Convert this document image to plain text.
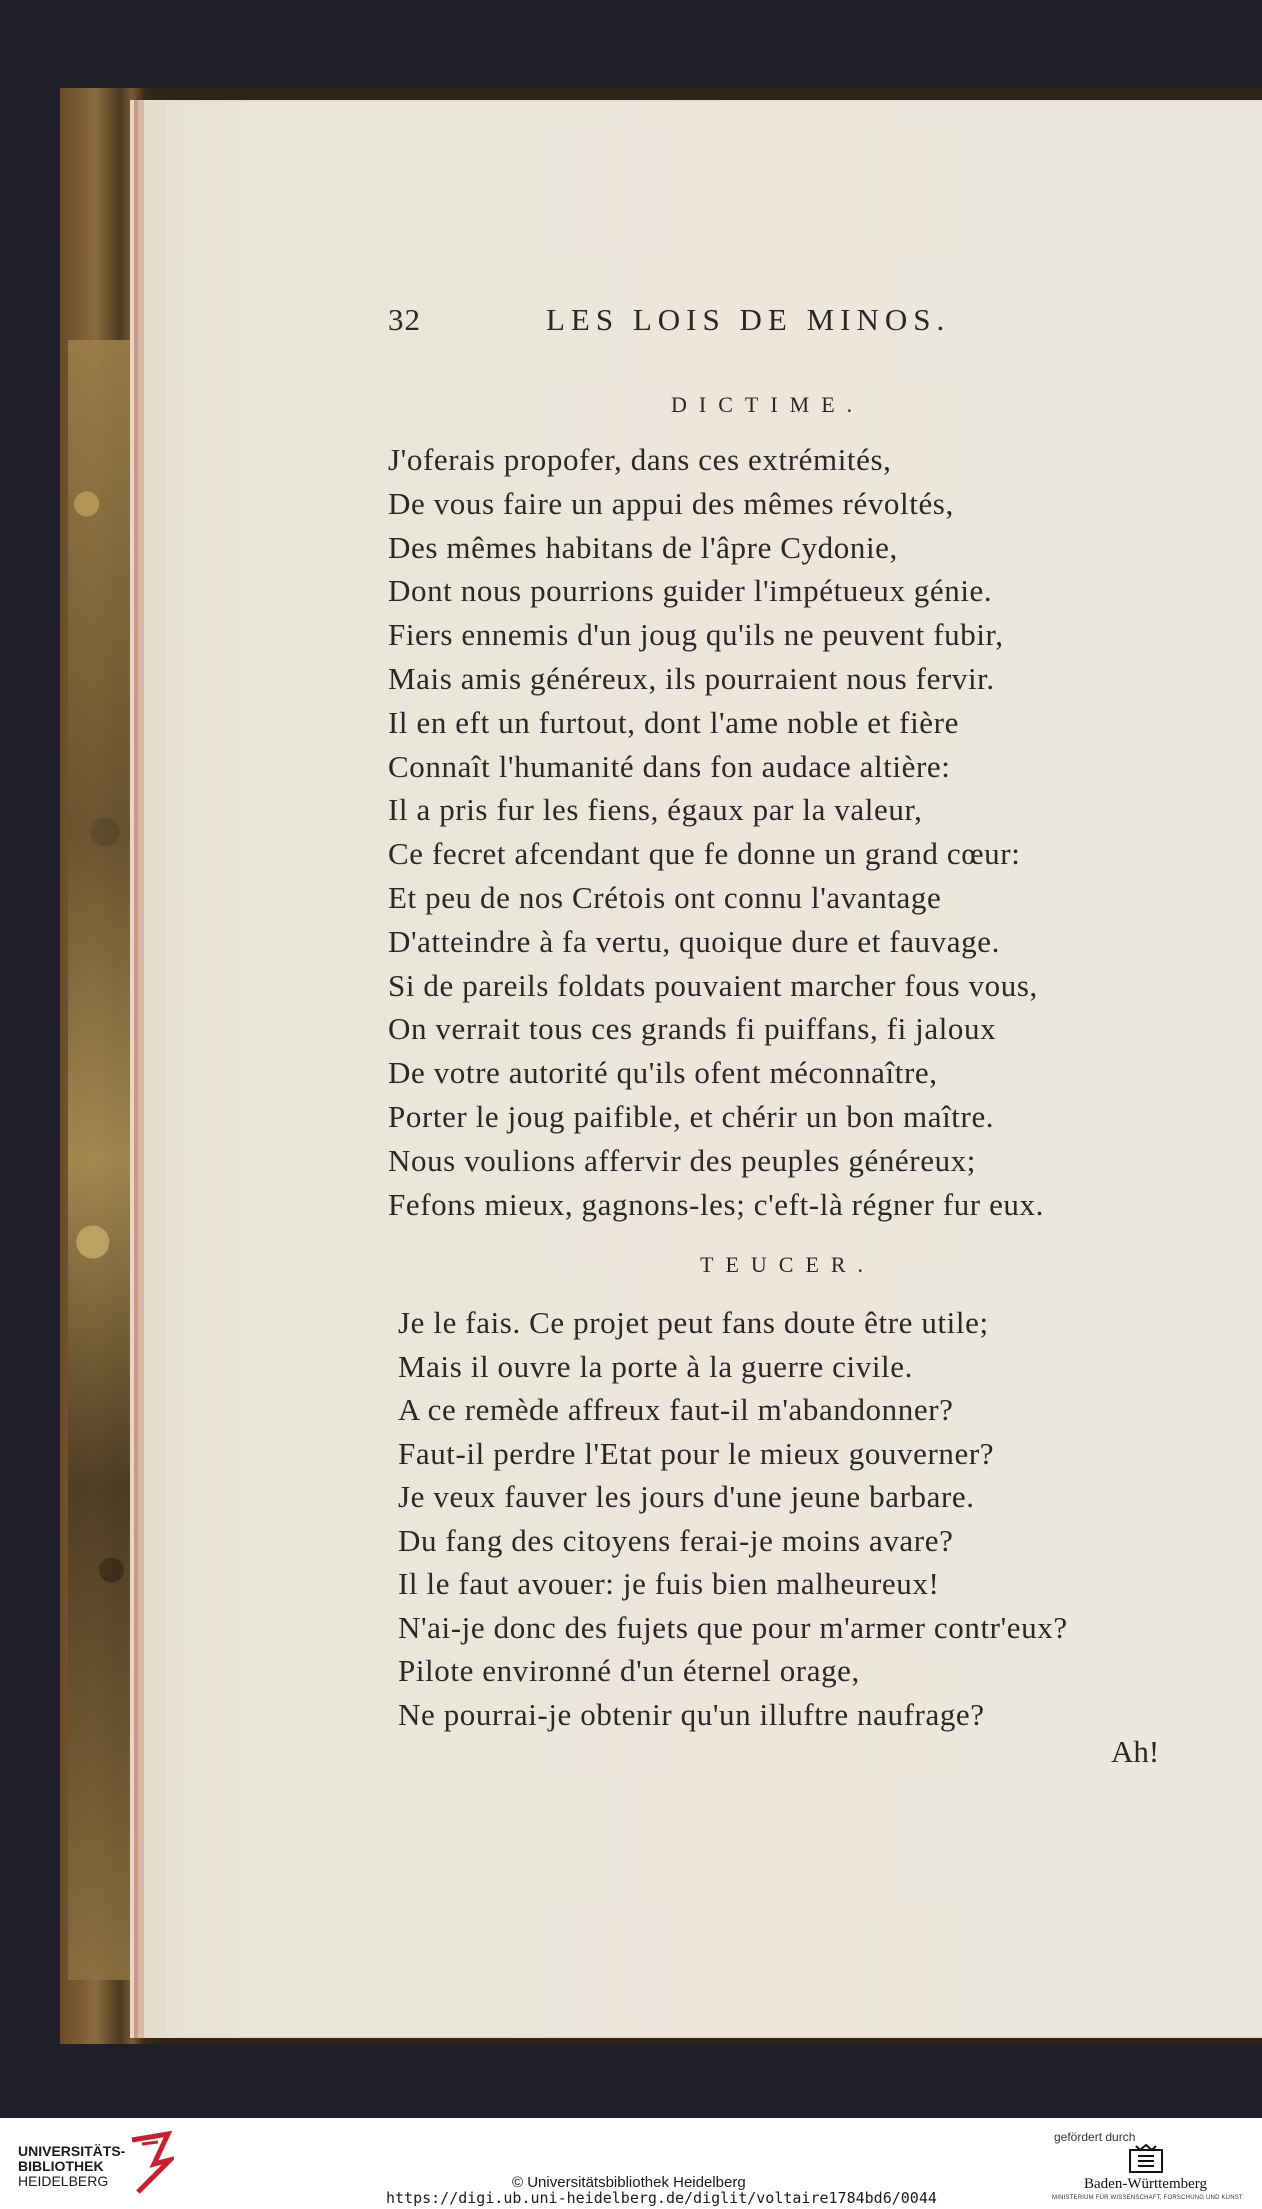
32	LES LOIS DE MINOS.
DICTIME.
J'oferais propofer, dans ces extrémités,
De vous faire un appui des mêmes révoltés,
Des mêmes habitans de l'âpre Cydonie,
Dont nous pourrions guider l'impétueux génie.
Fiers ennemis d'un joug qu'ils ne peuvent fubir,
Mais amis généreux, ils pourraient nous fervir.
Il en eft un furtout, dont l'ame noble et fière
Connaît l'humanité dans fon audace altière:
Il a pris fur les fiens, égaux par la valeur,
Ce fecret afcendant que fe donne un grand cœur:
Et peu de nos Crétois ont connu l'avantage
D'atteindre à fa vertu, quoique dure et fauvage.
Si de pareils foldats pouvaient marcher fous vous,
On verrait tous ces grands fi puiffans, fi jaloux
De votre autorité qu'ils ofent méconnaître,
Porter le joug paifible, et chérir un bon maître.
Nous voulions affervir des peuples généreux;
Fefons mieux, gagnons-les; c'eft-là régner fur eux.
TEUCER.
Je le fais. Ce projet peut fans doute être utile;
Mais il ouvre la porte à la guerre civile.
A ce remède affreux faut-il m'abandonner?
Faut-il perdre l'Etat pour le mieux gouverner?
Je veux fauver les jours d'une jeune barbare.
Du fang des citoyens ferai-je moins avare?
Il le faut avouer: je fuis bien malheureux!
N'ai-je donc des fujets que pour m'armer contr'eux?
Pilote environné d'un éternel orage,
Ne pourrai-je obtenir qu'un illuftre naufrage?
Ah!
UNIVERSITÄTS-
BIBLIOTHEK
HEIDELBERG	© Universitätsbibliothek Heidelberg
https://digi.ub.uni-heidelberg.de/diglit/voltaire1784bd6/0044
gefördert durch
Baden-Württemberg
MINISTERIUM FÜR WISSENSCHAFT, FORSCHUNG UND KUNST
